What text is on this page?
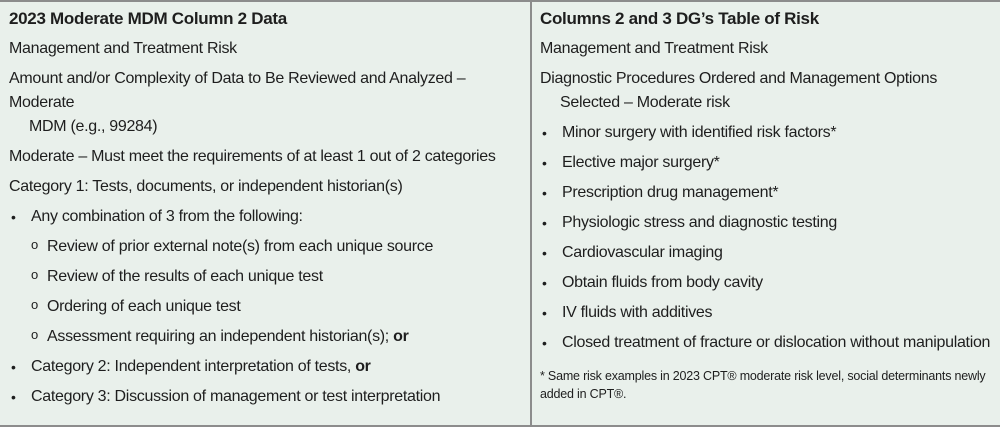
2023 Moderate MDM Column 2 Data
Management and Treatment Risk
Amount and/or Complexity of Data to Be Reviewed and Analyzed – Moderate
MDM (e.g., 99284)
Moderate – Must meet the requirements of at least 1 out of 2 categories
Category 1: Tests, documents, or independent historian(s)
• Any combination of 3 from the following:
o Review of prior external note(s) from each unique source
o Review of the results of each unique test
o Ordering of each unique test
o Assessment requiring an independent historian(s); or
• Category 2: Independent interpretation of tests, or
• Category 3: Discussion of management or test interpretation
Columns 2 and 3 DG’s Table of Risk
Management and Treatment Risk
Diagnostic Procedures Ordered and Management Options
Selected – Moderate risk
• Minor surgery with identified risk factors*
• Elective major surgery*
• Prescription drug management*
• Physiologic stress and diagnostic testing
• Cardiovascular imaging
• Obtain fluids from body cavity
• IV fluids with additives
• Closed treatment of fracture or dislocation without manipulation
* Same risk examples in 2023 CPT® moderate risk level, social determinants newly added in CPT®.
